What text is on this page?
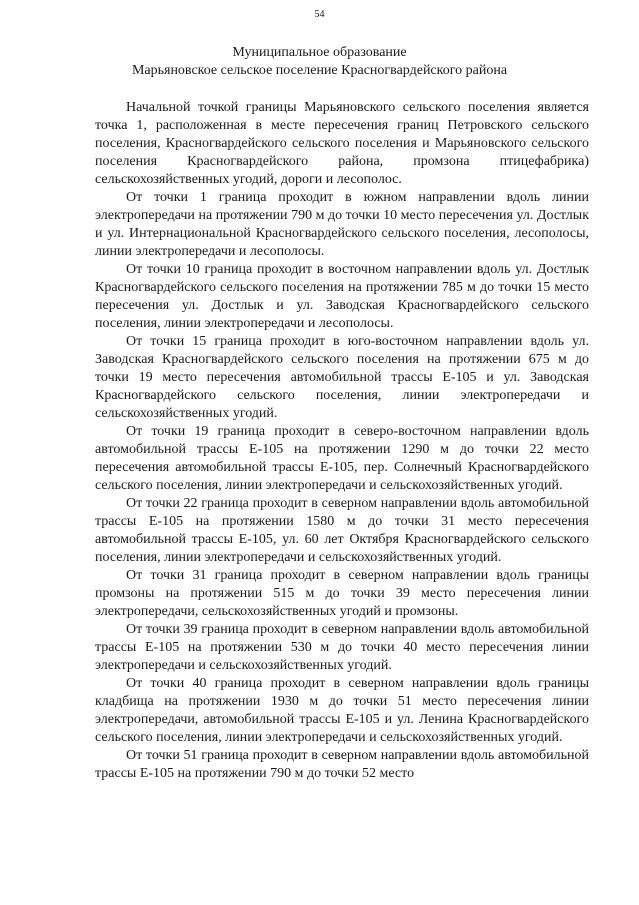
54
Муниципальное образование
Марьяновское сельское поселение Красногвардейского района

Начальной точкой границы Марьяновского сельского поселения является точка 1, расположенная в месте пересечения границ Петровского сельского поселения, Красногвардейского сельского поселения и Марьяновского сельского поселения Красногвардейского района, промзона птицефабрика) сельскохозяйственных угодий, дороги и лесополос.

От точки 1 граница проходит в южном направлении вдоль линии электропередачи на протяжении 790 м до точки 10 место пересечения ул. Достлык и ул. Интернациональной Красногвардейского сельского поселения, лесополосы, линии электропередачи и лесополосы.

От точки 10 граница проходит в восточном направлении вдоль ул. Достлык Красногвардейского сельского поселения на протяжении 785 м до точки 15 место пересечения ул. Достлык и ул. Заводская Красногвардейского сельского поселения, линии электропередачи и лесополосы.

От точки 15 граница проходит в юго-восточном направлении вдоль ул. Заводская Красногвардейского сельского поселения на протяжении 675 м до точки 19 место пересечения автомобильной трассы Е-105 и ул. Заводская Красногвардейского сельского поселения, линии электропередачи и сельскохозяйственных угодий.

От точки 19 граница проходит в северо-восточном направлении вдоль автомобильной трассы Е-105 на протяжении 1290 м до точки 22 место пересечения автомобильной трассы Е-105, пер. Солнечный Красногвардейского сельского поселения, линии электропередачи и сельскохозяйственных угодий.

От точки 22 граница проходит в северном направлении вдоль автомобильной трассы Е-105 на протяжении 1580 м до точки 31 место пересечения автомобильной трассы Е-105, ул. 60 лет Октября Красногвардейского сельского поселения, линии электропередачи и сельскохозяйственных угодий.

От точки 31 граница проходит в северном направлении вдоль границы промзоны на протяжении 515 м до точки 39 место пересечения линии электропередачи, сельскохозяйственных угодий и промзоны.

От точки 39 граница проходит в северном направлении вдоль автомобильной трассы Е-105 на протяжении 530 м до точки 40 место пересечения линии электропередачи и сельскохозяйственных угодий.

От точки 40 граница проходит в северном направлении вдоль границы кладбища на протяжении 1930 м до точки 51 место пересечения линии электропередачи, автомобильной трассы Е-105 и ул. Ленина Красногвардейского сельского поселения, линии электропередачи и сельскохозяйственных угодий.

От точки 51 граница проходит в северном направлении вдоль автомобильной трассы Е-105 на протяжении 790 м до точки 52 место
